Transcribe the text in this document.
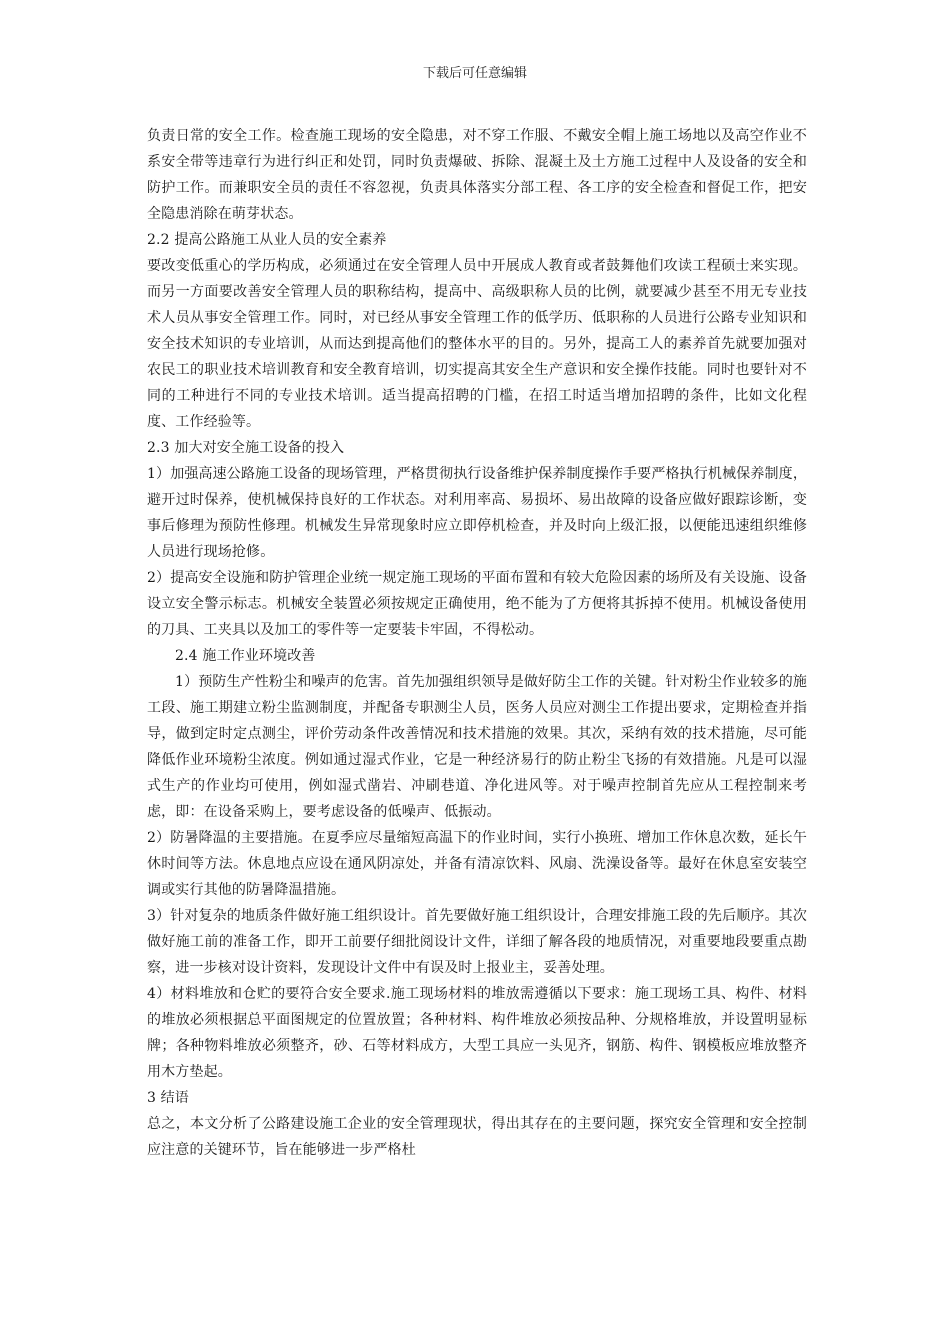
下载后可任意编辑

负责日常的安全工作。检查施工现场的安全隐患，对不穿工作服、不戴安全帽上施工场地以及高空作业不系安全带等违章行为进行纠正和处罚，同时负责爆破、拆除、混凝土及土方施工过程中人及设备的安全和防护工作。而兼职安全员的责任不容忽视，负责具体落实分部工程、各工序的安全检查和督促工作，把安全隐患消除在萌芽状态。

2.2 提高公路施工从业人员的安全素养

要改变低重心的学历构成，必须通过在安全管理人员中开展成人教育或者鼓舞他们攻读工程硕士来实现。而另一方面要改善安全管理人员的职称结构，提高中、高级职称人员的比例，就要减少甚至不用无专业技术人员从事安全管理工作。同时，对已经从事安全管理工作的低学历、低职称的人员进行公路专业知识和安全技术知识的专业培训，从而达到提高他们的整体水平的目的。另外，提高工人的素养首先就要加强对农民工的职业技术培训教育和安全教育培训，切实提高其安全生产意识和安全操作技能。同时也要针对不同的工种进行不同的专业技术培训。适当提高招聘的门槛，在招工时适当增加招聘的条件，比如文化程度、工作经验等。

2.3 加大对安全施工设备的投入

1）加强高速公路施工设备的现场管理，严格贯彻执行设备维护保养制度操作手要严格执行机械保养制度，避开过时保养，使机械保持良好的工作状态。对利用率高、易损坏、易出故障的设备应做好跟踪诊断，变事后修理为预防性修理。机械发生异常现象时应立即停机检查，并及时向上级汇报，以便能迅速组织维修人员进行现场抢修。

2）提高安全设施和防护管理企业统一规定施工现场的平面布置和有较大危险因素的场所及有关设施、设备设立安全警示标志。机械安全装置必须按规定正确使用，绝不能为了方便将其拆掉不使用。机械设备使用的刀具、工夹具以及加工的零件等一定要装卡牢固，不得松动。

2.4 施工作业环境改善

1）预防生产性粉尘和噪声的危害。首先加强组织领导是做好防尘工作的关键。针对粉尘作业较多的施工段、施工期建立粉尘监测制度，并配备专职测尘人员，医务人员应对测尘工作提出要求，定期检查并指导，做到定时定点测尘，评价劳动条件改善情况和技术措施的效果。其次，采纳有效的技术措施，尽可能降低作业环境粉尘浓度。例如通过湿式作业，它是一种经济易行的防止粉尘飞扬的有效措施。凡是可以湿式生产的作业均可使用，例如湿式凿岩、冲刷巷道、净化进风等。对于噪声控制首先应从工程控制来考虑，即：在设备采购上，要考虑设备的低噪声、低振动。

2）防暑降温的主要措施。在夏季应尽量缩短高温下的作业时间，实行小换班、增加工作休息次数，延长午休时间等方法。休息地点应设在通风阴凉处，并备有清凉饮料、风扇、洗澡设备等。最好在休息室安装空调或实行其他的防暑降温措施。

3）针对复杂的地质条件做好施工组织设计。首先要做好施工组织设计，合理安排施工段的先后顺序。其次做好施工前的准备工作，即开工前要仔细批阅设计文件，详细了解各段的地质情况，对重要地段要重点勘察，进一步核对设计资料，发现设计文件中有误及时上报业主，妥善处理。

4）材料堆放和仓贮的要符合安全要求.施工现场材料的堆放需遵循以下要求：施工现场工具、构件、材料的堆放必须根据总平面图规定的位置放置；各种材料、构件堆放必须按品种、分规格堆放，并设置明显标牌；各种物料堆放必须整齐，砂、石等材料成方，大型工具应一头见齐，钢筋、构件、钢模板应堆放整齐用木方垫起。

3 结语

总之，本文分析了公路建设施工企业的安全管理现状，得出其存在的主要问题，探究安全管理和安全控制应注意的关键环节，旨在能够进一步严格杜
